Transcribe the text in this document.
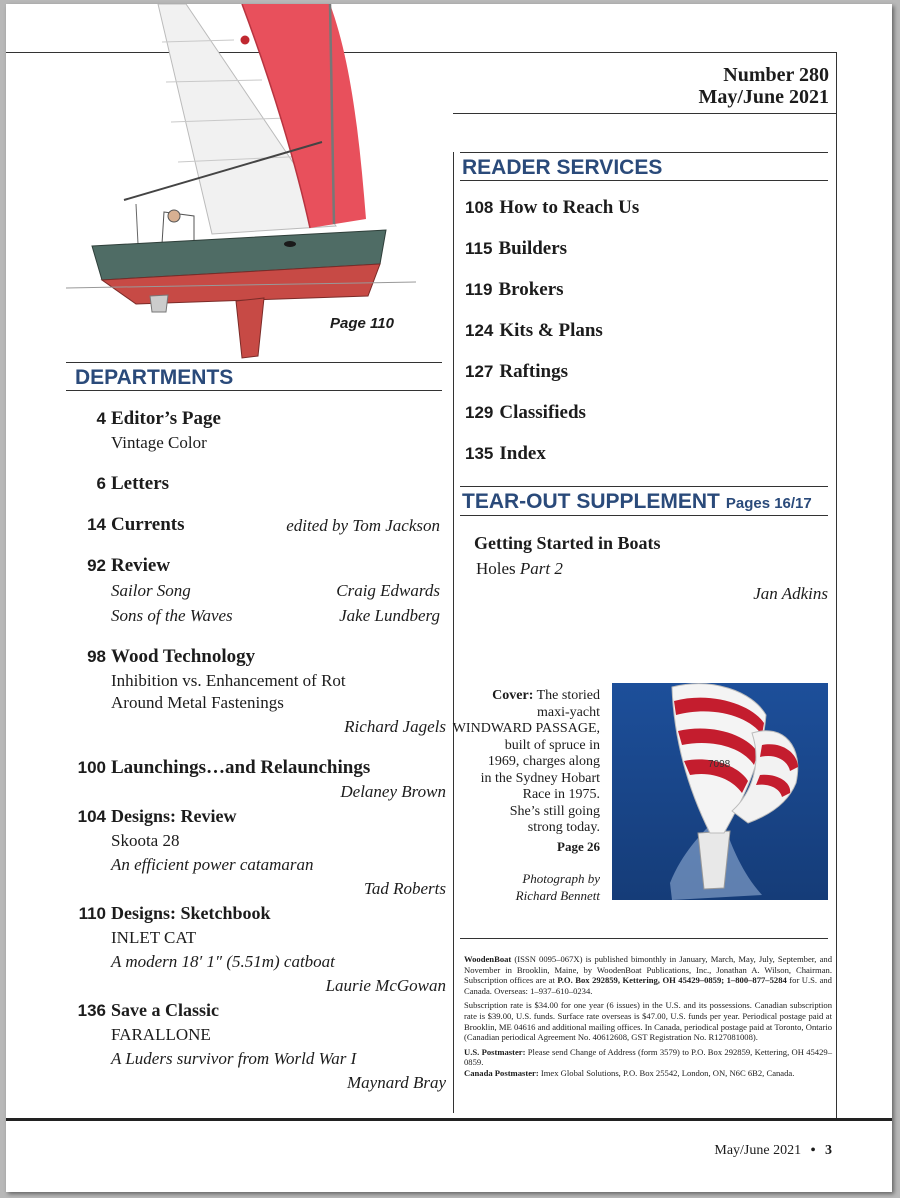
Number 280
May/June 2021
Page 110
DEPARTMENTS
4 Editor’s Page
Vintage Color
6 Letters
14 Currents	edited by Tom Jackson
92 Review
Sailor Song	Craig Edwards
Sons of the Waves	Jake Lundberg
98 Wood Technology
Inhibition vs. Enhancement of Rot
Around Metal Fastenings
Richard Jagels
100 Launchings…and Relaunchings
Delaney Brown
104 Designs: Review
Skoota 28
An efficient power catamaran
Tad Roberts
110 Designs: Sketchbook
INLET CAT
A modern 18′ 1″ (5.51m) catboat
Laurie McGowan
136 Save a Classic
FARALLONE
A Luders survivor from World War I
Maynard Bray
READER SERVICES
108 How to Reach Us
115 Builders
119 Brokers
124 Kits & Plans
127 Raftings
129 Classifieds
135 Index
TEAR-OUT SUPPLEMENT Pages 16/17
Getting Started in Boats
Holes Part 2
Jan Adkins
Cover: The storied
maxi-yacht
WINDWARD PASSAGE,
built of spruce in
1969, charges along
in the Sydney Hobart
Race in 1975.
She’s still going
strong today.
Page 26
Photograph by
Richard Bennett
7098

WoodenBoat (ISSN 0095–067X) is published bimonthly in January, March, May, July, September, and November in Brooklin, Maine, by WoodenBoat Publications, Inc., Jonathan A. Wilson, Chairman. Subscription offices are at P.O. Box 292859, Kettering, OH 45429–0859; 1–800–877–5284 for U.S. and Canada. Overseas: 1–937–610–0234.

Subscription rate is $34.00 for one year (6 issues) in the U.S. and its possessions. Canadian subscription rate is $39.00, U.S. funds. Surface rate overseas is $47.00, U.S. funds per year. Periodical postage paid at Brooklin, ME 04616 and additional mailing offices. In Canada, periodical postage paid at Toronto, Ontario (Canadian periodical Agreement No. 40612608, GST Registration No. R127081008).

U.S. Postmaster: Please send Change of Address (form 3579) to P.O. Box 292859, Kettering, OH 45429–0859.

Canada Postmaster: Imex Global Solutions, P.O. Box 25542, London, ON, N6C 6B2, Canada.

May/June 2021 • 3
